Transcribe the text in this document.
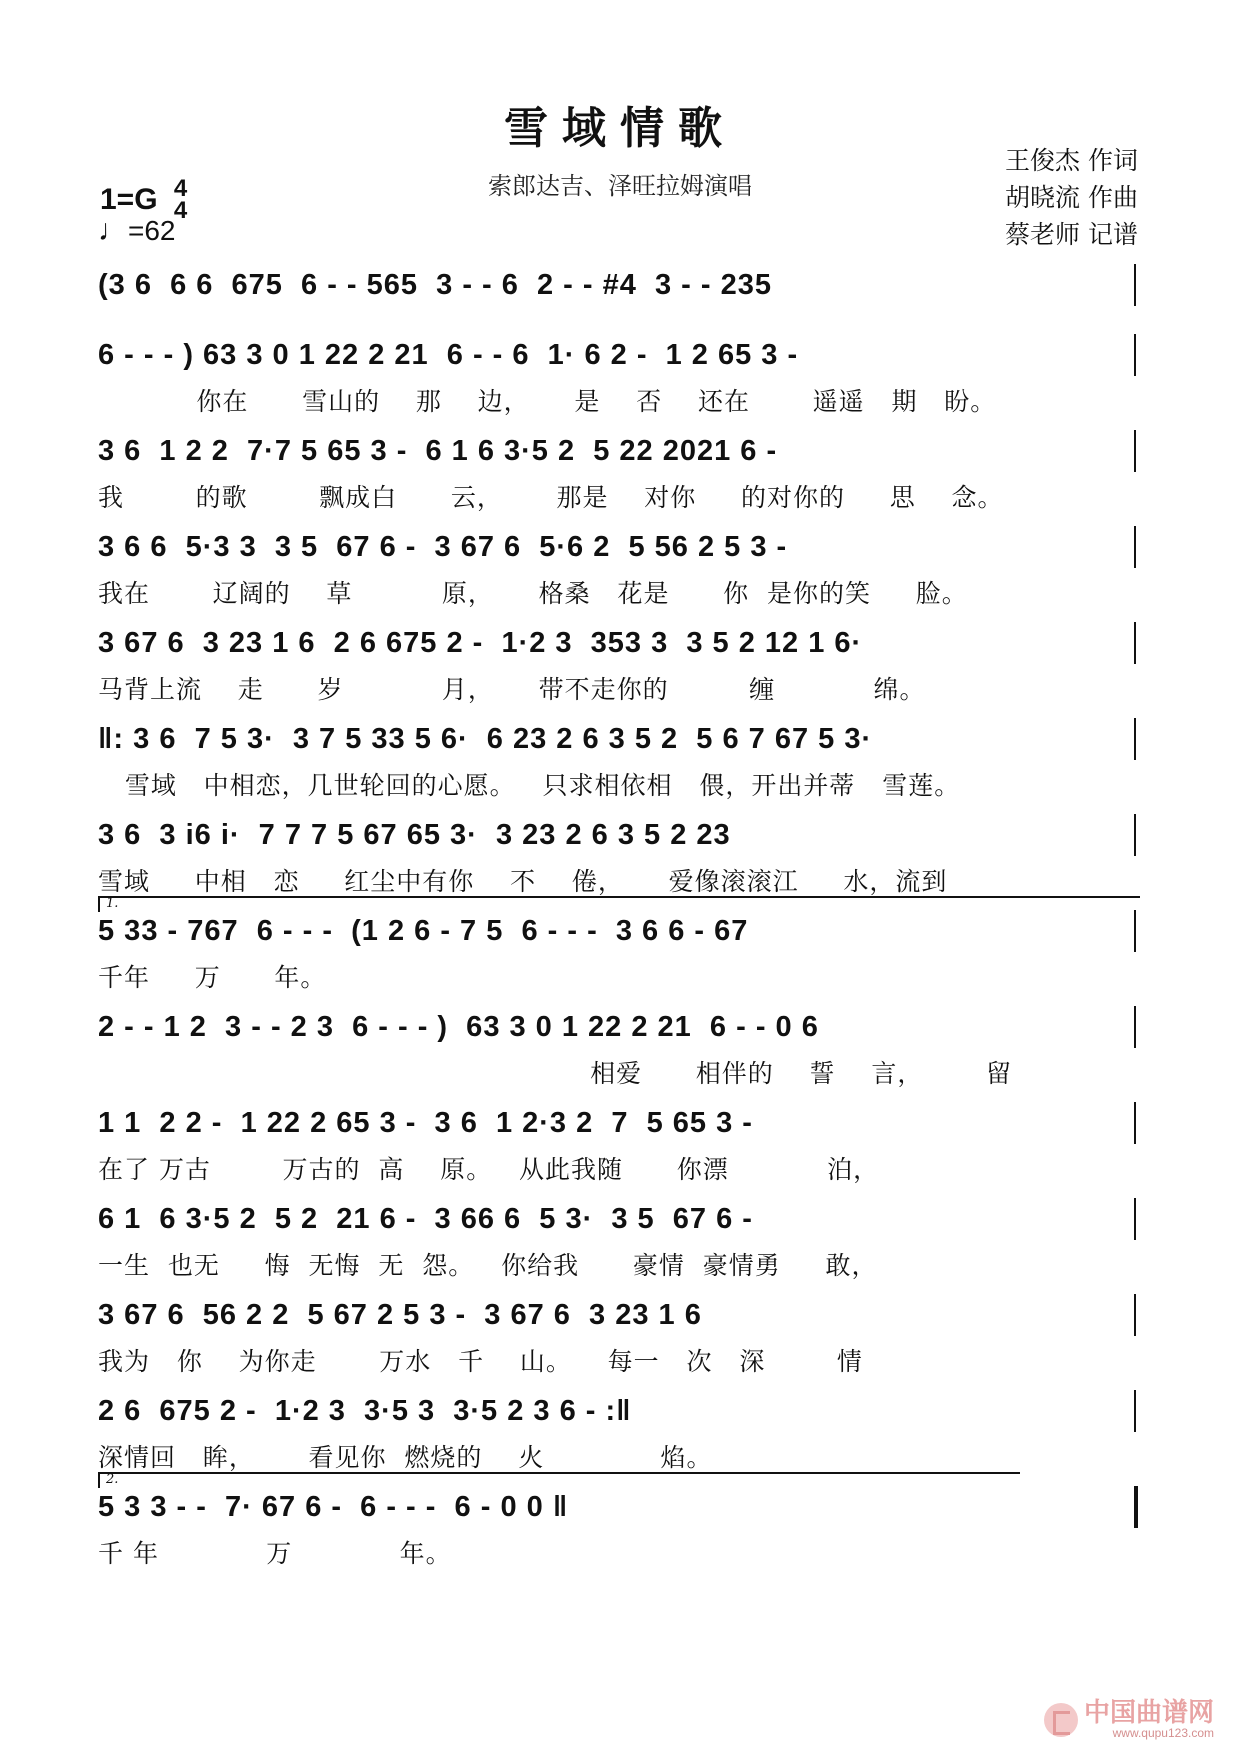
雪域情歌
索郎达吉、泽旺拉姆演唱
王俊杰 作词
胡晓流 作曲
蔡老师 记谱
1=G 4
4
♩=62
(3 6  6 6  675  6 - - 565  3 - - 6  2 - - #4  3 - - 235
6 - - - ) 63 3 0 1 22 2 21  6 - - 6  1· 6 2 -  1 2 65 3 -
你在      雪山的    那    边，     是    否    还在       遥遥   期   盼。
3 6  1 2 2  7·7 5 65 3 -  6 1 6 3·5 2  5 22 2021 6 -
我        的歌        飘成白      云，      那是    对你     的对你的     思    念。
3 6 6  5·3 3  3 5  67 6 -  3 67 6  5·6 2  5 56 2 5 3 -
我在       辽阔的    草          原，     格桑   花是      你  是你的笑     脸。
3 67 6  3 23 1 6  2 6 675 2 -  1·2 3  353 3  3 5 2 12 1 6·
马背上流    走      岁           月，     带不走你的         缠           绵。
‖: 3 6  7 5 3·  3 7 5 33 5 6·  6 23 2 6 3 5 2  5 6 7 67 5 3·
雪域   中相恋，几世轮回的心愿。   只求相依相   偎，开出并蒂   雪莲。
3 6  3 i6 i·  7 7 7 5 67 65 3·  3 23 2 6 3 5 2 23
雪域     中相   恋     红尘中有你    不    倦，     爱像滚滚江     水，流到
1.
5 33 - 767  6 - - -  (1 2 6 - 7 5  6 - - -  3 6 6 - 67
千年     万      年。
2 - - 1 2  3 - - 2 3  6 - - - )  63 3 0 1 22 2 21  6 - - 0 6
相爱      相伴的    誓    言，       留
1 1  2 2 -  1 22 2 65 3 -  3 6  1 2·3 2  7  5 65 3 -
在了 万古        万古的  高    原。   从此我随      你漂           泊，
6 1  6 3·5 2  5 2  21 6 -  3 66 6  5 3·  3 5  67 6 -
一生  也无     悔  无悔  无  怨。   你给我      豪情  豪情勇     敢，
3 67 6  56 2 2  5 67 2 5 3 -  3 67 6  3 23 1 6
我为   你    为你走       万水   千    山。    每一   次   深        情
2 6  675 2 -  1·2 3  3·5 3  3·5 2 3 6 - :‖
深情回   眸，      看见你  燃烧的    火             焰。
2.
5 3 3 - -  7· 67 6 -  6 - - -  6 - 0 0 ‖
千 年            万            年。
中国曲谱网
www.qupu123.com
